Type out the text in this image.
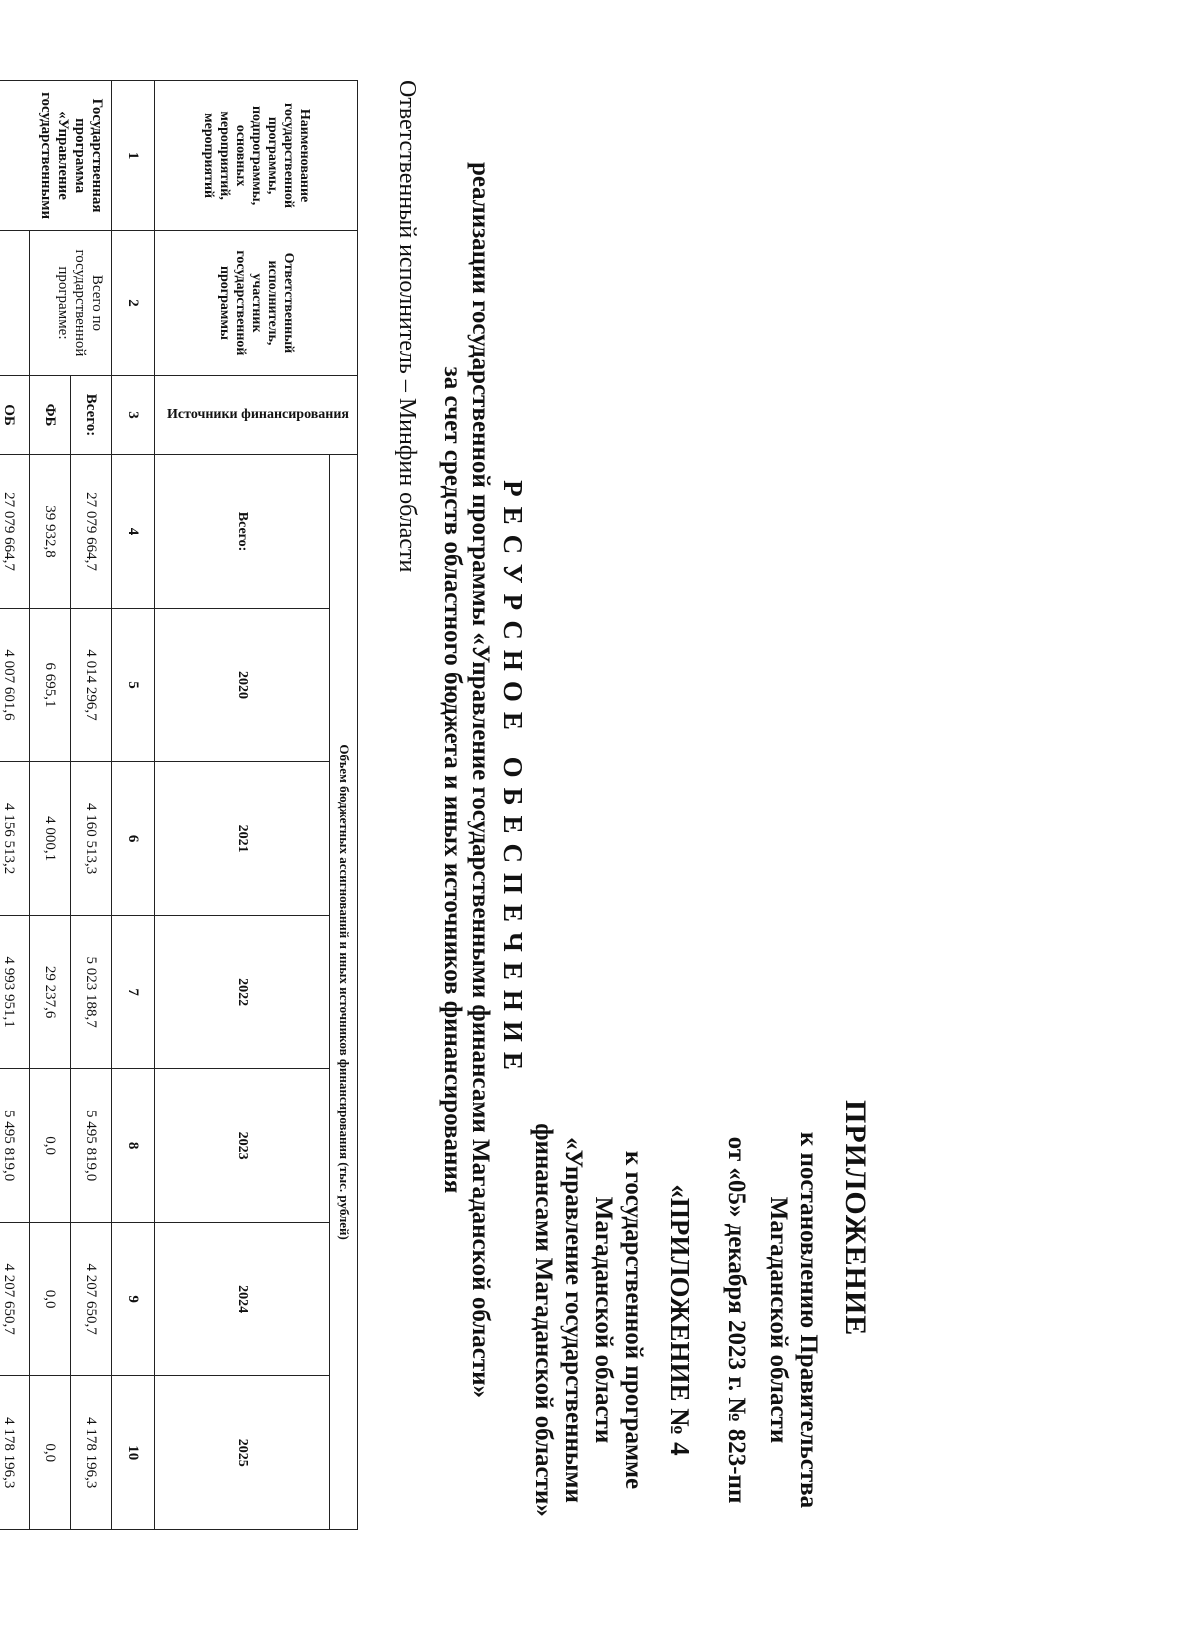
ПРИЛОЖЕНИЕ
к постановлению Правительства
Магаданской области
от «05» декабря 2023 г. № 823-пп
«ПРИЛОЖЕНИЕ № 4
к государственной программе
Магаданской области
«Управление государственными
финансами Магаданской области»
РЕСУРСНОЕ ОБЕСПЕЧЕНИЕ
реализации государственной программы «Управление государственными финансами Магаданской области»
за счет средств областного бюджета и иных источников финансирования
Ответственный исполнитель – Минфин области
Наименование государственной программы, подпрограммы, основных мероприятий, мероприятий	Ответственный исполнитель, участник государственной программы	Источники финансирования	Объем бюджетных ассигнований и иных источников финансирования (тыс. рублей)						
			Всего:	2020	2021	2022	2023	2024	2025
1	2	3	4	5	6	7	8	9	10
Государственная программа «Управление государственными	Всего по государственной программе:	Всего:	27 079 664,7	4 014 296,7	4 160 513,3	5 023 188,7	5 495 819,0	4 207 650,7	4 178 196,3
		ФБ	39 932,8	6 695,1	4 000,1	29 237,6	0,0	0,0	0,0
		ОБ	27 079 664,7	4 007 601,6	4 156 513,2	4 993 951,1	5 495 819,0	4 207 650,7	4 178 196,3
